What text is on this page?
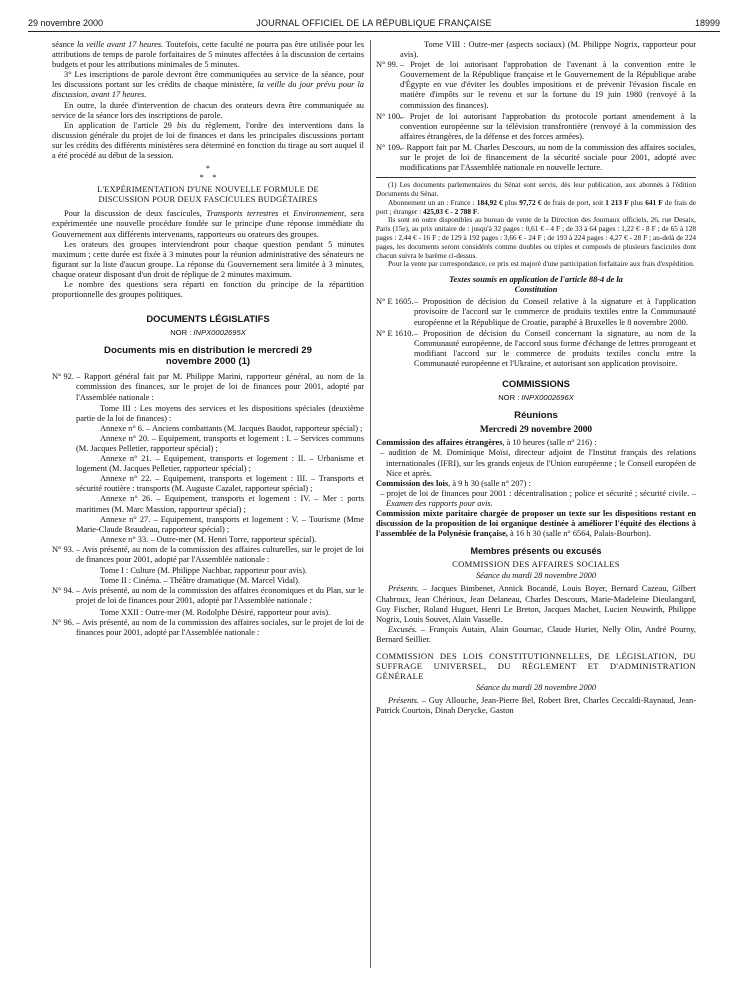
29 novembre 2000	JOURNAL OFFICIEL DE LA RÉPUBLIQUE FRANÇAISE	18999

séance la veille avant 17 heures. Toutefois, cette faculté ne pourra pas être utilisée pour les attributions de temps de parole forfaitaires de 5 minutes affectées à la discussion de certains budgets et pour les attributions minimales de 5 minutes.

3° Les inscriptions de parole devront être communiquées au service de la séance, pour les discussions portant sur les crédits de chaque ministère, la veille du jour prévu pour la discussion, avant 17 heures.

En outre, la durée d'intervention de chacun des orateurs devra être communiquée au service de la séance lors des inscriptions de parole.

En application de l'article 29 bis du règlement, l'ordre des interventions dans la discussion générale du projet de loi de finances et dans les principales discussions portant sur les crédits des différents ministères sera déterminé en fonction du tirage au sort auquel il a été procédé au début de la session.

*
*    *

L'EXPÉRIMENTATION D'UNE NOUVELLE FORMULE DE DISCUSSION POUR DEUX FASCICULES BUDGÉTAIRES

Pour la discussion de deux fascicules, Transports terrestres et Environnement, sera expérimentée une nouvelle procédure fondée sur le principe d'une réponse immédiate du Gouvernement aux différents intervenants, rapporteurs ou orateurs des groupes.

Les orateurs des groupes interviendront pour chaque question pendant 5 minutes maximum ; cette durée est fixée à 3 minutes pour la réunion administrative des sénateurs ne figurant sur la liste d'aucun groupe. La réponse du Gouvernement sera limitée à 3 minutes, chaque orateur disposant d'un droit de réplique de 2 minutes maximum.

Le nombre des questions sera réparti en fonction du principe de la répartition proportionnelle des groupes politiques.

DOCUMENTS LÉGISLATIFS
NOR : INPX0002695X
Documents mis en distribution le mercredi 29 novembre 2000 (1)
N° 92. – Rapport général fait par M. Philippe Marini, rapporteur général, au nom de la commission des finances, sur le projet de loi de finances pour 2001, adopté par l'Assemblée nationale :

Tome III : Les moyens des services et les dispositions spéciales (deuxième partie de la loi de finances) :

Annexe n° 6. – Anciens combattants (M. Jacques Baudot, rapporteur spécial) ;

Annexe n° 20. – Equipement, transports et logement : I. – Services communs (M. Jacques Pelletier, rapporteur spécial) ;

Annexe n° 21. – Equipement, transports et logement : II. – Urbanisme et logement (M. Jacques Pelletier, rapporteur spécial) ;

Annexe n° 22. – Equipement, transports et logement : III. – Transports et sécurité routière : transports (M. Auguste Cazalet, rapporteur spécial) ;

Annexe n° 26. – Equipement, transports et logement : IV. – Mer : ports maritimes (M. Marc Massion, rapporteur spécial) ;

Annexe n° 27. – Equipement, transports et logement : V. – Tourisme (Mme Marie-Claude Beaudeau, rapporteur spécial) ;

Annexe n° 33. – Outre-mer (M. Henri Torre, rapporteur spécial).

N° 93. – Avis présenté, au nom de la commission des affaires culturelles, sur le projet de loi de finances pour 2001, adopté par l'Assemblée nationale :

Tome I : Culture (M. Philippe Nachbar, rapporteur pour avis).

Tome II : Cinéma. – Théâtre dramatique (M. Marcel Vidal).

N° 94. – Avis présenté, au nom de la commission des affaires économiques et du Plan, sur le projet de loi de finances pour 2001, adopté par l'Assemblée nationale :

Tome XXII : Outre-mer (M. Rodolphe Désiré, rapporteur pour avis).

N° 96. – Avis présenté, au nom de la commission des affaires sociales, sur le projet de loi de finances pour 2001, adopté par l'Assemblée nationale :

Tome VIII : Outre-mer (aspects sociaux) (M. Philippe Nogrix, rapporteur pour avis).

N° 99. – Projet de loi autorisant l'approbation de l'avenant à la convention entre le Gouvernement de la République française et le Gouvernement de la République arabe d'Égypte en vue d'éviter les doubles impositions et de prévenir l'évasion fiscale en matière d'impôts sur le revenu et sur la fortune du 19 juin 1980 (renvoyé à la commission des finances).
N° 100.
– Projet de loi autorisant l'approbation du protocole portant amendement à la convention européenne sur la télévision transfrontière (renvoyé à la commission des affaires étrangères, de la défense et des forces armées).
N° 109.
– Rapport fait par M. Charles Descours, au nom de la commission des affaires sociales, sur le projet de loi de financement de la sécurité sociale pour 2001, adopté avec modifications par l'Assemblée nationale en nouvelle lecture.

(1) Les documents parlementaires du Sénat sont servis, dès leur publication, aux abonnés à l'édition Documents du Sénat.

Abonnement un an : France : 184,92 € plus 97,72 € de frais de port, soit 1 213 F plus 641 F de frais de port ; étranger : 425,03 € - 2 788 F.

Ils sont en outre disponibles au bureau de vente de la Direction des Journaux officiels, 26, rue Desaix, Paris (15e), au prix unitaire de : jusqu'à 32 pages : 0,61 € - 4 F ; de 33 à 64 pages : 1,22 € - 8 F ; de 65 à 128 pages : 2,44 € - 16 F ; de 129 à 192 pages : 3,66 € - 24 F ; de 193 à 224 pages : 4,27 € - 28 F ; au-delà de 224 pages, les documents seront considérés comme doubles ou triples et composés de plusieurs fascicules dont chacun suivra le barème ci-dessus.

Pour la vente par correspondance, ce prix est majoré d'une participation forfaitaire aux frais d'expédition.

Textes soumis en application de l'article 88-4 de la Constitution

N° E 1605. – Proposition de décision du Conseil relative à la signature et à l'application provisoire de l'accord sur le commerce de produits textiles entre la Communauté européenne et la République de Croatie, paraphé à Bruxelles le 8 novembre 2000.
N° E 1610. – Proposition de décision du Conseil concernant la signature, au nom de la Communauté européenne, de l'accord sous forme d'échange de lettres prorogeant et modifiant l'accord sur le commerce de produits textiles conclu entre la Communauté européenne et l'Ukraine, et autorisant son application provisoire.
COMMISSIONS
NOR : INPX0002696X
Réunions
Mercredi 29 novembre 2000

Commission des affaires étrangères, à 10 heures (salle n° 216) :

– audition de M. Dominique Moïsi, directeur adjoint de l'Institut français des relations internationales (IFRI), sur les grands enjeux de l'Union européenne ; le Conseil européen de Nice et après.

Commission des lois, à 9 h 30 (salle n° 207) :

– projet de loi de finances pour 2001 : décentralisation ; police et sécurité ; sécurité civile. – Examen des rapports pour avis.

Commission mixte paritaire chargée de proposer un texte sur les dispositions restant en discussion de la proposition de loi organique destinée à améliorer l'équité des élections à l'assemblée de la Polynésie française, à 16 h 30 (salle n° 6564, Palais-Bourbon).

Membres présents ou excusés

COMMISSION DES AFFAIRES SOCIALES

Séance du mardi 28 novembre 2000

Présents. – Jacques Bimbenet, Annick Bocandé, Louis Boyer, Bernard Cazeau, Gilbert Chabroux, Jean Chérioux, Jean Delaneau, Charles Descours, Marie-Madeleine Dieulangard, Guy Fischer, Roland Huguet, Henri Le Breton, Jacques Machet, Lucien Neuwirth, Philippe Nogrix, Louis Souvet, Alain Vasselle.

Excusés. – François Autain, Alain Gournac, Claude Huriet, Nelly Olin, André Pourny, Bernard Seillier.

COMMISSION DES LOIS CONSTITUTIONNELLES, DE LÉGISLATION, DU SUFFRAGE UNIVERSEL, DU RÈGLEMENT ET D'ADMINISTRATION GÉNÉRALE

Séance du mardi 28 novembre 2000

Présents. – Guy Allouche, Jean-Pierre Bel, Robert Bret, Charles Ceccaldi-Raynaud, Jean-Patrick Courtois, Dinah Derycke, Gaston
